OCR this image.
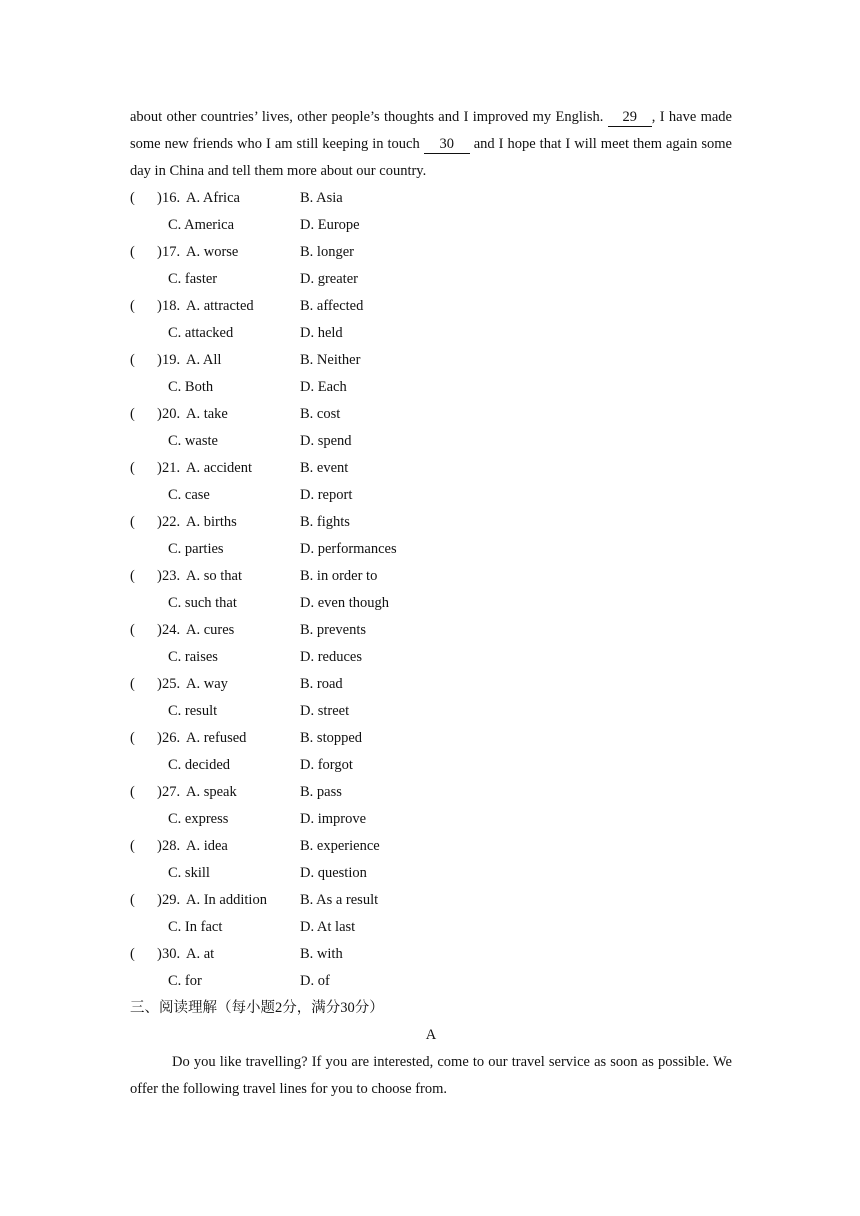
about other countries’ lives, other people’s thoughts and I improved my English. 29 , I have made some new friends who I am still keeping in touch 30 and I hope that I will meet them again some day in China and tell them more about our country.

( ) 16. A. Africa	B. Asia
C. America	D. Europe
( ) 17. A. worse	B. longer
C. faster	D. greater
( ) 18. A. attracted	B. affected
C. attacked	D. held
( ) 19. A. All	B. Neither
C. Both	D. Each
( ) 20. A. take	B. cost
C. waste	D. spend
( ) 21. A. accident	B. event
C. case	D. report
( ) 22. A. births	B. fights
C. parties	D. performances
( ) 23. A. so that	B. in order to
C. such that	D. even though
( ) 24. A. cures	B. prevents
C. raises	D. reduces
( ) 25. A. way	B. road
C. result	D. street
( ) 26. A. refused	B. stopped
C. decided	D. forgot
( ) 27. A. speak	B. pass
C. express	D. improve
( ) 28. A. idea	B. experience
C. skill	D. question
( ) 29. A. In addition B. As a result
C. In fact	D. At last
( ) 30. A. at	B. with
C. for	D. of

三、阅读理解（每小题2分，满分30分）

A

Do you like travelling? If you are interested, come to our travel service as soon as possible. We offer the following travel lines for you to choose from.
